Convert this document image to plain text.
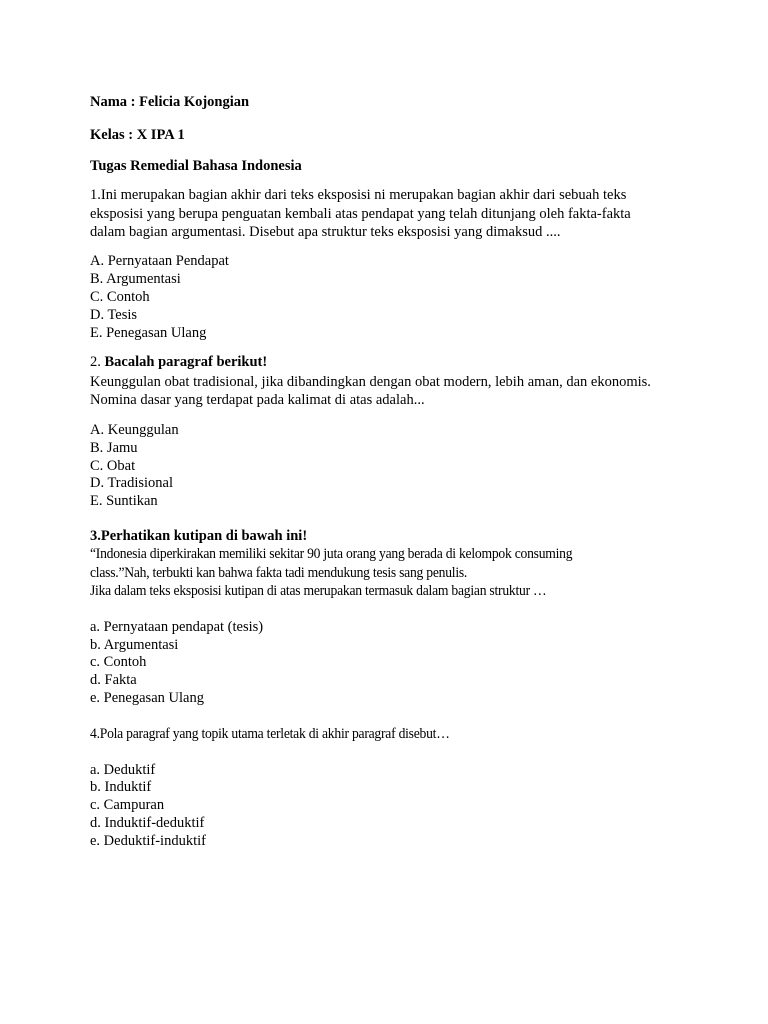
Nama : Felicia Kojongian
Kelas : X IPA 1
Tugas Remedial Bahasa Indonesia
1.Ini merupakan bagian akhir dari teks eksposisi ni merupakan bagian akhir dari sebuah teks
eksposisi yang berupa penguatan kembali atas pendapat yang telah ditunjang oleh fakta-fakta
dalam bagian argumentasi. Disebut apa struktur teks eksposisi yang dimaksud ....
A. Pernyataan Pendapat
B. Argumentasi
C. Contoh
D. Tesis
E. Penegasan Ulang
2. Bacalah paragraf berikut!
Keunggulan obat tradisional, jika dibandingkan dengan obat modern, lebih aman, dan ekonomis.
Nomina dasar yang terdapat pada kalimat di atas adalah...
A. Keunggulan
B. Jamu
C. Obat
D. Tradisional
E. Suntikan
3.Perhatikan kutipan di bawah ini!
“Indonesia diperkirakan memiliki sekitar 90 juta orang yang berada di kelompok consuming
class.”Nah, terbukti kan bahwa fakta tadi mendukung tesis sang penulis.
Jika dalam teks eksposisi kutipan di atas merupakan termasuk dalam bagian struktur …
a. Pernyataan pendapat (tesis)
b. Argumentasi
c. Contoh
d. Fakta
e. Penegasan Ulang
4.Pola paragraf yang topik utama terletak di akhir paragraf disebut…
a. Deduktif
b. Induktif
c. Campuran
d. Induktif-deduktif
e. Deduktif-induktif
